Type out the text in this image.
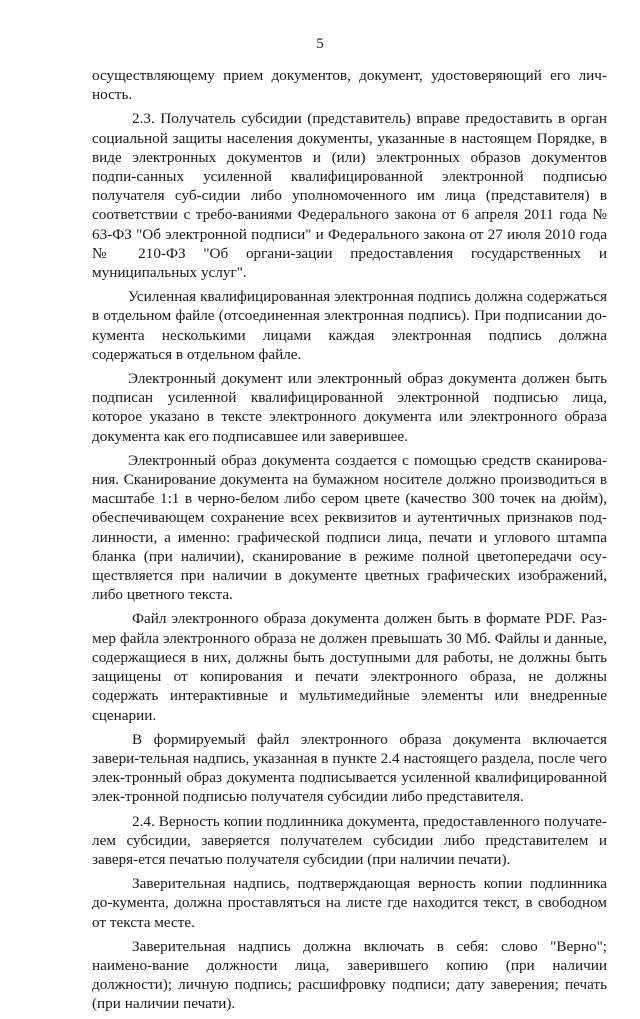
5

осуществляющему прием документов, документ, удостоверяющий его лич-ность.

2.3. Получатель субсидии (представитель) вправе предоставить в орган социальной защиты населения документы, указанные в настоящем Порядке, в виде электронных документов и (или) электронных образов документов подпи-санных усиленной квалифицированной электронной подписью получателя суб-сидии либо уполномоченного им лица (представителя) в соответствии с требо-ваниями Федерального закона от 6 апреля 2011 года № 63-ФЗ "Об электронной подписи" и Федерального закона от 27 июля 2010 года № 210-ФЗ "Об органи-зации предоставления государственных и муниципальных услуг".

Усиленная квалифицированная электронная подпись должна содержаться в отдельном файле (отсоединенная электронная подпись). При подписании до-кумента несколькими лицами каждая электронная подпись должна содержаться в отдельном файле.

Электронный документ или электронный образ документа должен быть подписан усиленной квалифицированной электронной подписью лица, которое указано в тексте электронного документа или электронного образа документа как его подписавшее или заверившее.

Электронный образ документа создается с помощью средств сканирова-ния. Сканирование документа на бумажном носителе должно производиться в масштабе 1:1 в черно-белом либо сером цвете (качество 300 точек на дюйм), обеспечивающем сохранение всех реквизитов и аутентичных признаков под-линности, а именно: графической подписи лица, печати и углового штампа бланка (при наличии), сканирование в режиме полной цветопередачи осу-ществляется при наличии в документе цветных графических изображений, либо цветного текста.

Файл электронного образа документа должен быть в формате PDF. Раз-мер файла электронного образа не должен превышать 30 Мб. Файлы и данные, содержащиеся в них, должны быть доступными для работы, не должны быть защищены от копирования и печати электронного образа, не должны содержать интерактивные и мультимедийные элементы или внедренные сценарии.

В формируемый файл электронного образа документа включается завери-тельная надпись, указанная в пункте 2.4 настоящего раздела, после чего элек-тронный образ документа подписывается усиленной квалифицированной элек-тронной подписью получателя субсидии либо представителя.

2.4. Верность копии подлинника документа, предоставленного получате-лем субсидии, заверяется получателем субсидии либо представителем и заверя-ется печатью получателя субсидии (при наличии печати).

Заверительная надпись, подтверждающая верность копии подлинника до-кумента, должна проставляться на листе где находится текст, в свободном от текста месте.

Заверительная надпись должна включать в себя: слово "Верно"; наимено-вание должности лица, заверившего копию (при наличии должности); личную подпись; расшифровку подписи; дату заверения; печать (при наличии печати).
